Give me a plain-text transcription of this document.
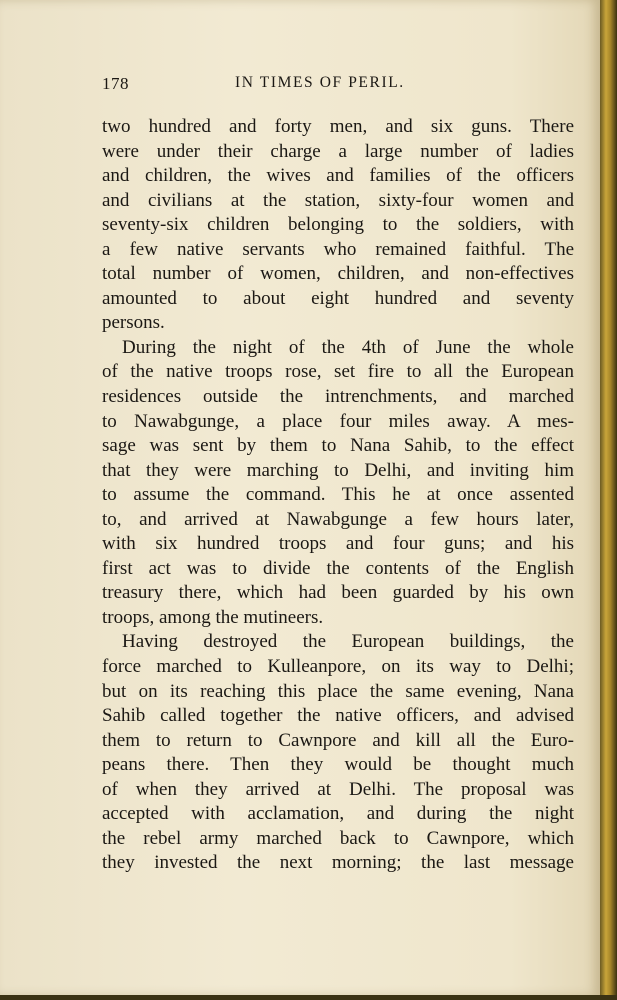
178	IN TIMES OF PERIL.
two hundred and forty men, and six guns. There
were under their charge a large number of ladies
and children, the wives and families of the officers
and civilians at the station, sixty-four women and
seventy-six children belonging to the soldiers, with
a few native servants who remained faithful. The
total number of women, children, and non-effectives
amounted to about eight hundred and seventy
persons.
During the night of the 4th of June the whole
of the native troops rose, set fire to all the European
residences outside the intrenchments, and marched
to Nawabgunge, a place four miles away. A mes-
sage was sent by them to Nana Sahib, to the effect
that they were marching to Delhi, and inviting him
to assume the command. This he at once assented
to, and arrived at Nawabgunge a few hours later,
with six hundred troops and four guns; and his
first act was to divide the contents of the English
treasury there, which had been guarded by his own
troops, among the mutineers.
Having destroyed the European buildings, the
force marched to Kulleanpore, on its way to Delhi;
but on its reaching this place the same evening, Nana
Sahib called together the native officers, and advised
them to return to Cawnpore and kill all the Euro-
peans there. Then they would be thought much
of when they arrived at Delhi. The proposal was
accepted with acclamation, and during the night
the rebel army marched back to Cawnpore, which
they invested the next morning; the last message
